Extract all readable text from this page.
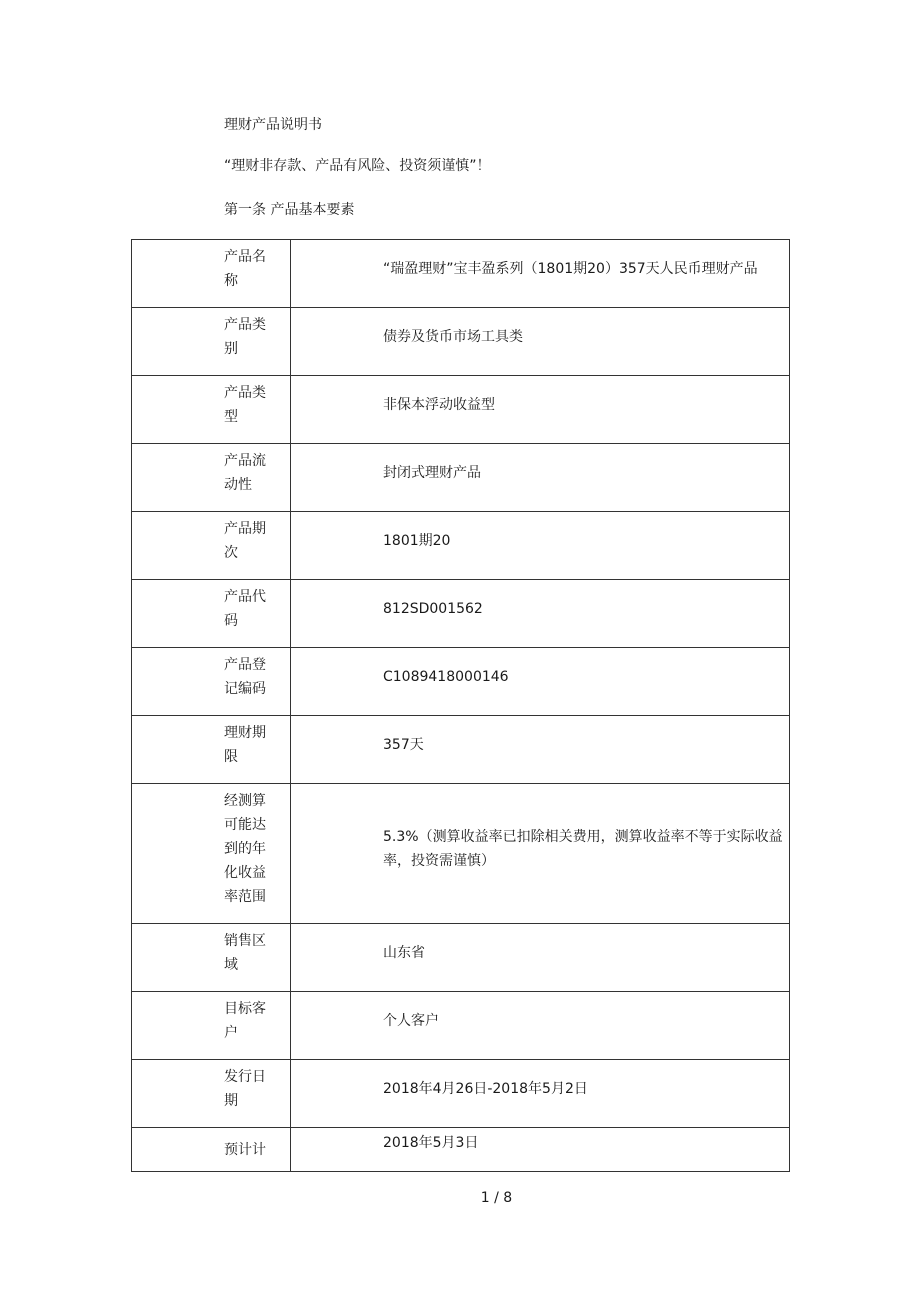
理财产品说明书
“理财非存款、产品有风险、投资须谨慎”！
第一条 产品基本要素
产品名称	“瑞盈理财”宝丰盈系列（1801期20）357天人民币理财产品

产品类别	债券及货币市场工具类

产品类型	非保本浮动收益型

产品流动性	封闭式理财产品

产品期次	1801期20

产品代码	812SD001562

产品登记编码	C1089418000146

理财期限	357天

经测算可能达到的年化收益率范围	5.3%（测算收益率已扣除相关费用，测算收益率不等于实际收益率，投资需谨慎）

销售区域	山东省

目标客户	个人客户

发行日期	2018年4月26日-2018年5月2日

预计计	2018年5月3日
1 / 8
